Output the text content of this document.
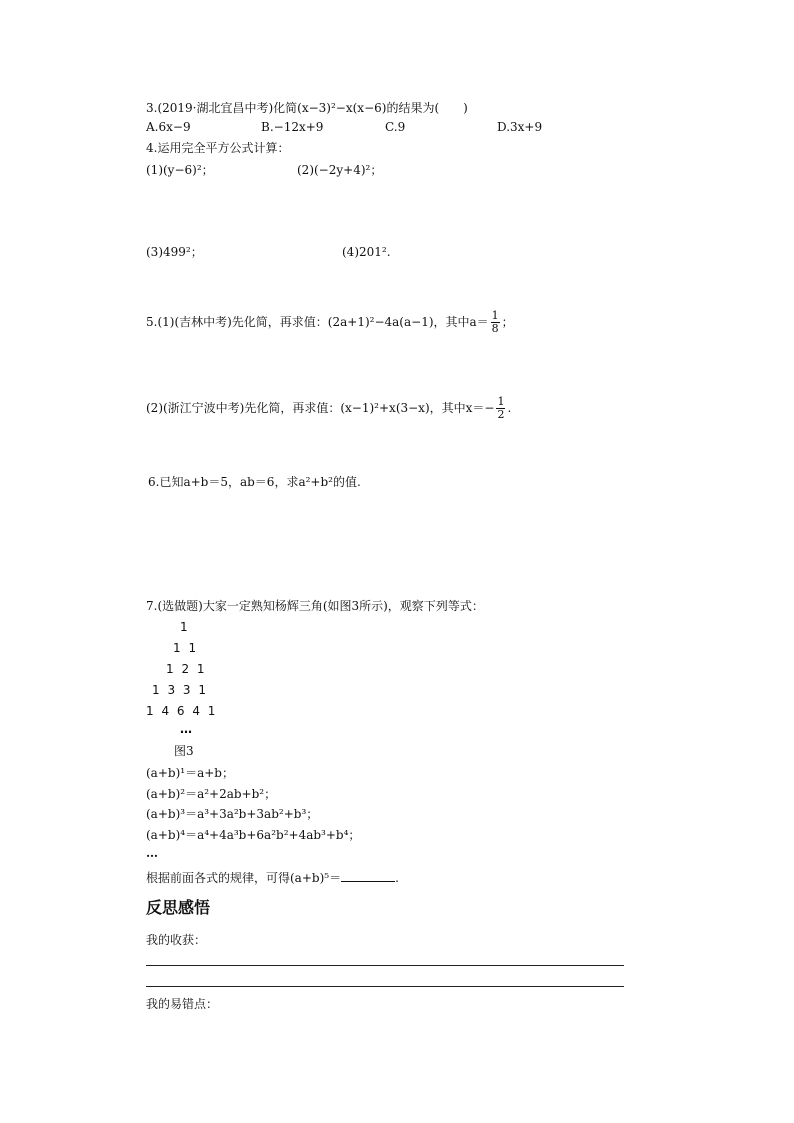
3.(2019·湖北宜昌中考)化简(x−3)²−x(x−6)的结果为(　　)
A.6x−9	B.−12x+9	C.9	D.3x+9
4.运用完全平方公式计算：
(1)(y−6)²；	(2)(−2y+4)²；
(3)499²；	(4)201².
5.(1)(吉林中考)先化简，再求值：(2a+1)²−4a(a−1)，其中$a= \frac{1}{8}$ ；
(2)(浙江宁波中考)先化简，再求值：(x−1)²+x(3−x)，其中$x=- \frac{1}{2}$ .
6.已知a+b＝5，ab＝6，求a²+b²的值.
7.(选做题)大家一定熟知杨辉三角(如图3所示)，观察下列等式：
1
1 1
1 2 1
1 3 3 1
1 4 6 4 1
…
图3
(a+b)¹＝a+b；
(a+b)²＝a²+2ab+b²；
(a+b)³＝a³+3a²b+3ab²+b³；
(a+b)⁴＝a⁴+4a³b+6a²b²+4ab³+b⁴；
…
根据前面各式的规律，可得(a+b)⁵＝	.
反思感悟
我的收获：
我的易错点：
